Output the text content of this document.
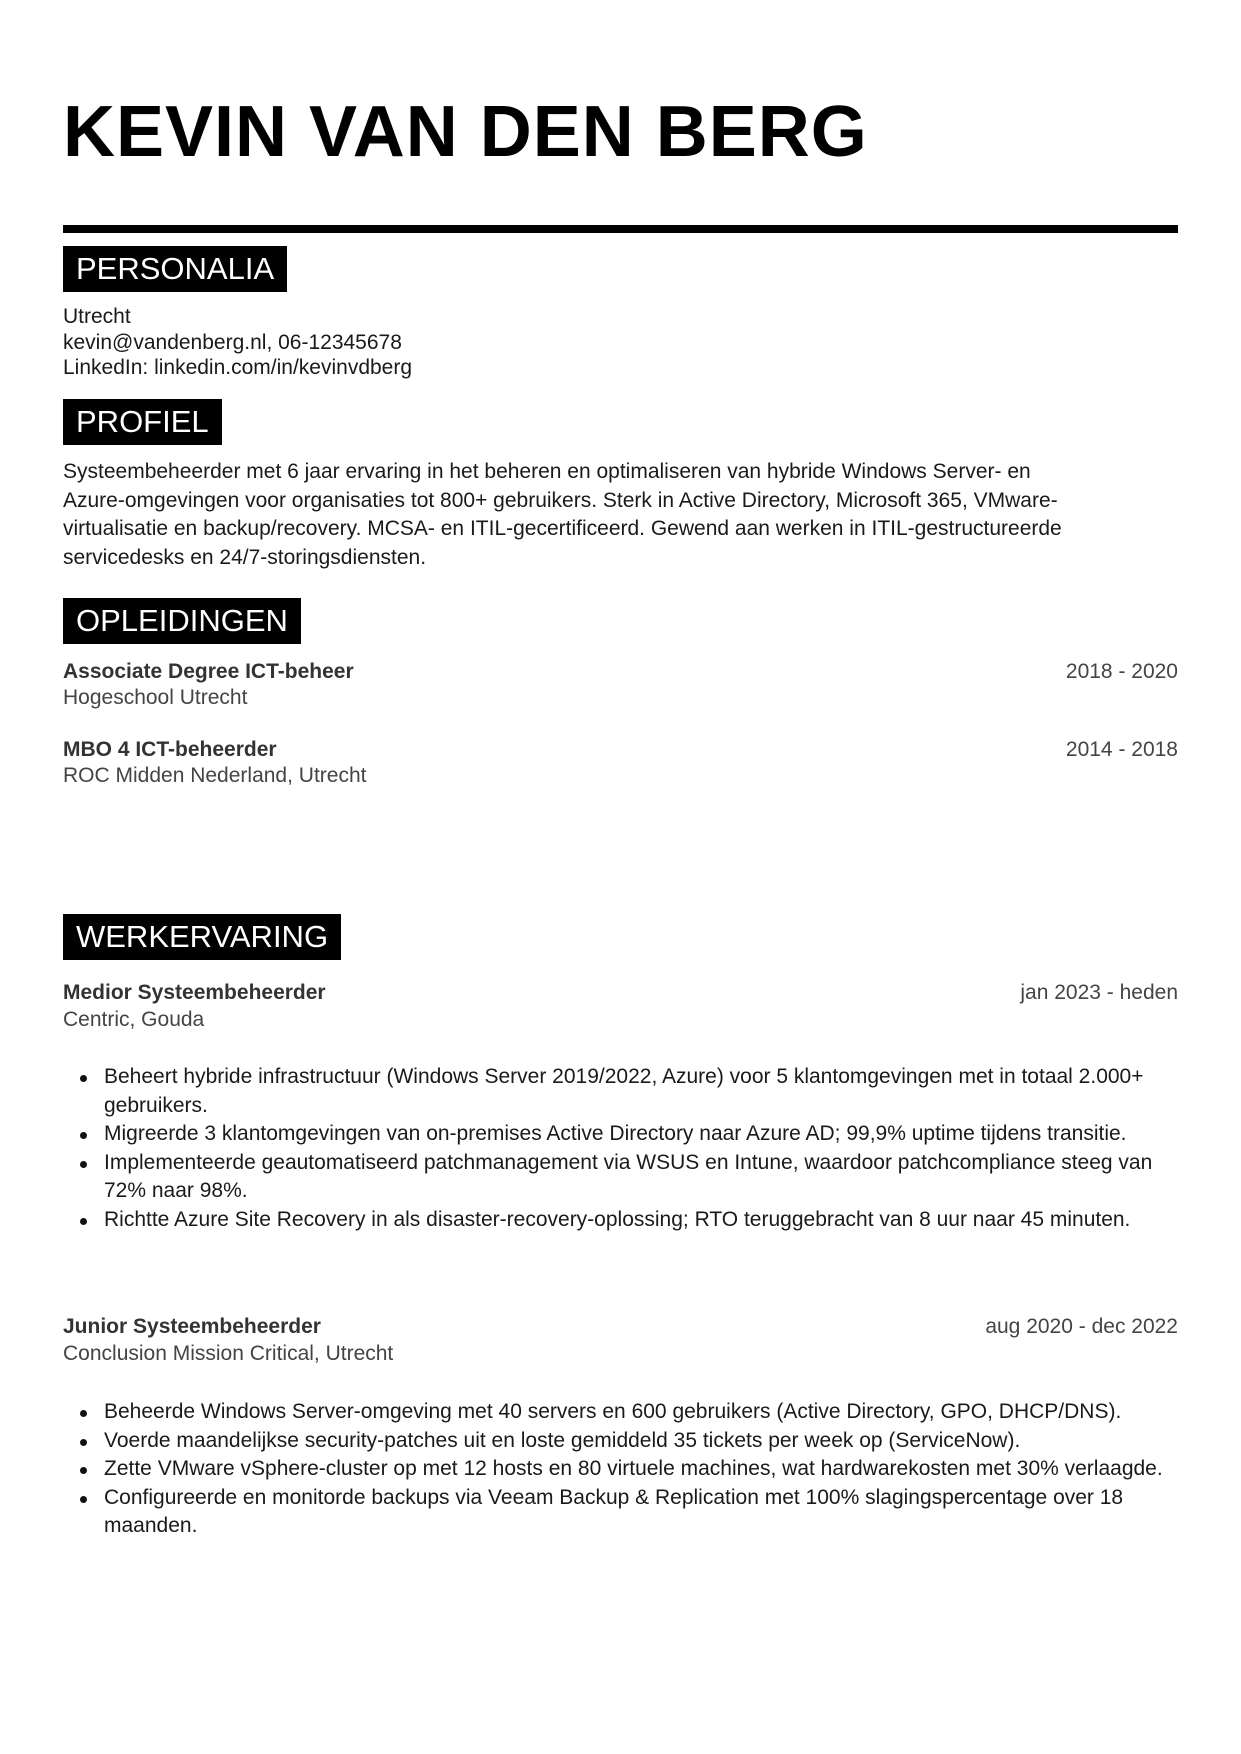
KEVIN VAN DEN BERG
PERSONALIA
Utrecht
kevin@vandenberg.nl, 06-12345678
LinkedIn: linkedin.com/in/kevinvdberg
PROFIEL
Systeembeheerder met 6 jaar ervaring in het beheren en optimaliseren van hybride Windows Server- en Azure-omgevingen voor organisaties tot 800+ gebruikers. Sterk in Active Directory, Microsoft 365, VMware-virtualisatie en backup/recovery. MCSA- en ITIL-gecertificeerd. Gewend aan werken in ITIL-gestructureerde servicedesks en 24/7-storingsdiensten.
OPLEIDINGEN
Associate Degree ICT-beheer	2018 - 2020
Hogeschool Utrecht
MBO 4 ICT-beheerder	2014 - 2018
ROC Midden Nederland, Utrecht
WERKERVARING
Medior Systeembeheerder	jan 2023 - heden
Centric, Gouda
Beheert hybride infrastructuur (Windows Server 2019/2022, Azure) voor 5 klantomgevingen met in totaal 2.000+ gebruikers.
Migreerde 3 klantomgevingen van on-premises Active Directory naar Azure AD; 99,9% uptime tijdens transitie.
Implementeerde geautomatiseerd patchmanagement via WSUS en Intune, waardoor patchcompliance steeg van 72% naar 98%.
Richtte Azure Site Recovery in als disaster-recovery-oplossing; RTO teruggebracht van 8 uur naar 45 minuten.
Junior Systeembeheerder	aug 2020 - dec 2022
Conclusion Mission Critical, Utrecht
Beheerde Windows Server-omgeving met 40 servers en 600 gebruikers (Active Directory, GPO, DHCP/DNS).
Voerde maandelijkse security-patches uit en loste gemiddeld 35 tickets per week op (ServiceNow).
Zette VMware vSphere-cluster op met 12 hosts en 80 virtuele machines, wat hardwarekosten met 30% verlaagde.
Configureerde en monitorde backups via Veeam Backup & Replication met 100% slagingspercentage over 18 maanden.
